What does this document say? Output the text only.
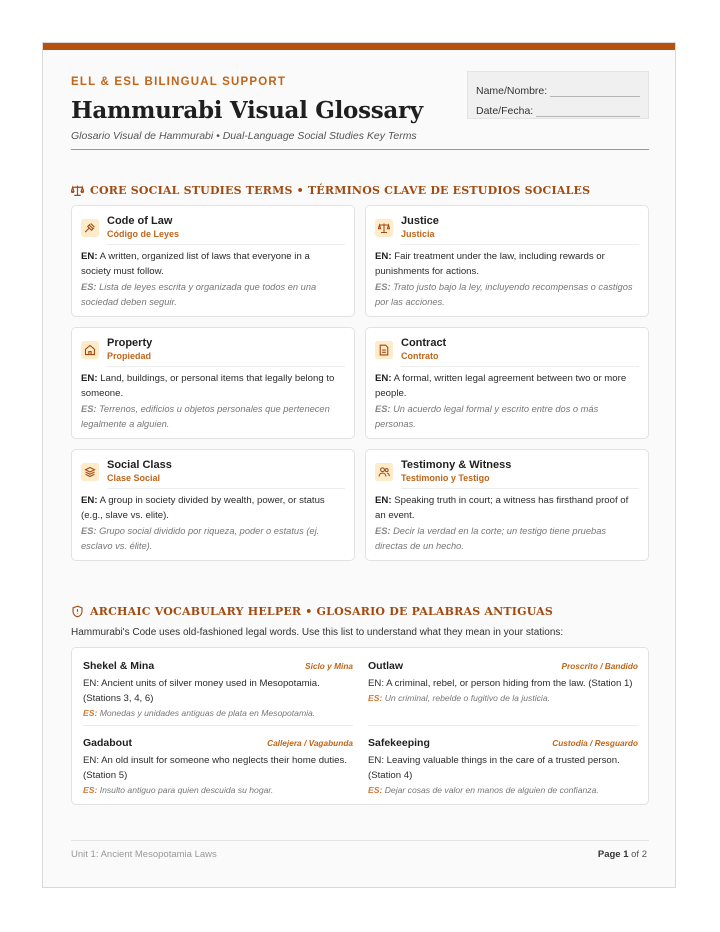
ELL & ESL BILINGUAL SUPPORT
Hammurabi Visual Glossary
Glosario Visual de Hammurabi • Dual-Language Social Studies Key Terms
Name/Nombre:
Date/Fecha:
CORE SOCIAL STUDIES TERMS • TÉRMINOS CLAVE DE ESTUDIOS SOCIALES
Code of Law
Código de Leyes
EN: A written, organized list of laws that everyone in a society must follow.
ES: Lista de leyes escrita y organizada que todos en una sociedad deben seguir.
Justice
Justicia
EN: Fair treatment under the law, including rewards or punishments for actions.
ES: Trato justo bajo la ley, incluyendo recompensas o castigos por las acciones.
Property
Propiedad
EN: Land, buildings, or personal items that legally belong to someone.
ES: Terrenos, edificios u objetos personales que pertenecen legalmente a alguien.
Contract
Contrato
EN: A formal, written legal agreement between two or more people.
ES: Un acuerdo legal formal y escrito entre dos o más personas.
Social Class
Clase Social
EN: A group in society divided by wealth, power, or status (e.g., slave vs. elite).
ES: Grupo social dividido por riqueza, poder o estatus (ej. esclavo vs. élite).
Testimony & Witness
Testimonio y Testigo
EN: Speaking truth in court; a witness has firsthand proof of an event.
ES: Decir la verdad en la corte; un testigo tiene pruebas directas de un hecho.
ARCHAIC VOCABULARY HELPER • GLOSARIO DE PALABRAS ANTIGUAS
Hammurabi's Code uses old-fashioned legal words. Use this list to understand what they mean in your stations:
Shekel & Mina	Siclo y Mina
EN: Ancient units of silver money used in Mesopotamia. (Stations 3, 4, 6)
ES: Monedas y unidades antiguas de plata en Mesopotamia.
Outlaw	Proscrito / Bandido
EN: A criminal, rebel, or person hiding from the law. (Station 1)
ES: Un criminal, rebelde o fugitivo de la justicia.
Gadabout	Callejera / Vagabunda
EN: An old insult for someone who neglects their home duties. (Station 5)
ES: Insulto antiguo para quien descuida su hogar.
Safekeeping	Custodia / Resguardo
EN: Leaving valuable things in the care of a trusted person. (Station 4)
ES: Dejar cosas de valor en manos de alguien de confianza.
Unit 1: Ancient Mesopotamia Laws	Page 1 of 2
